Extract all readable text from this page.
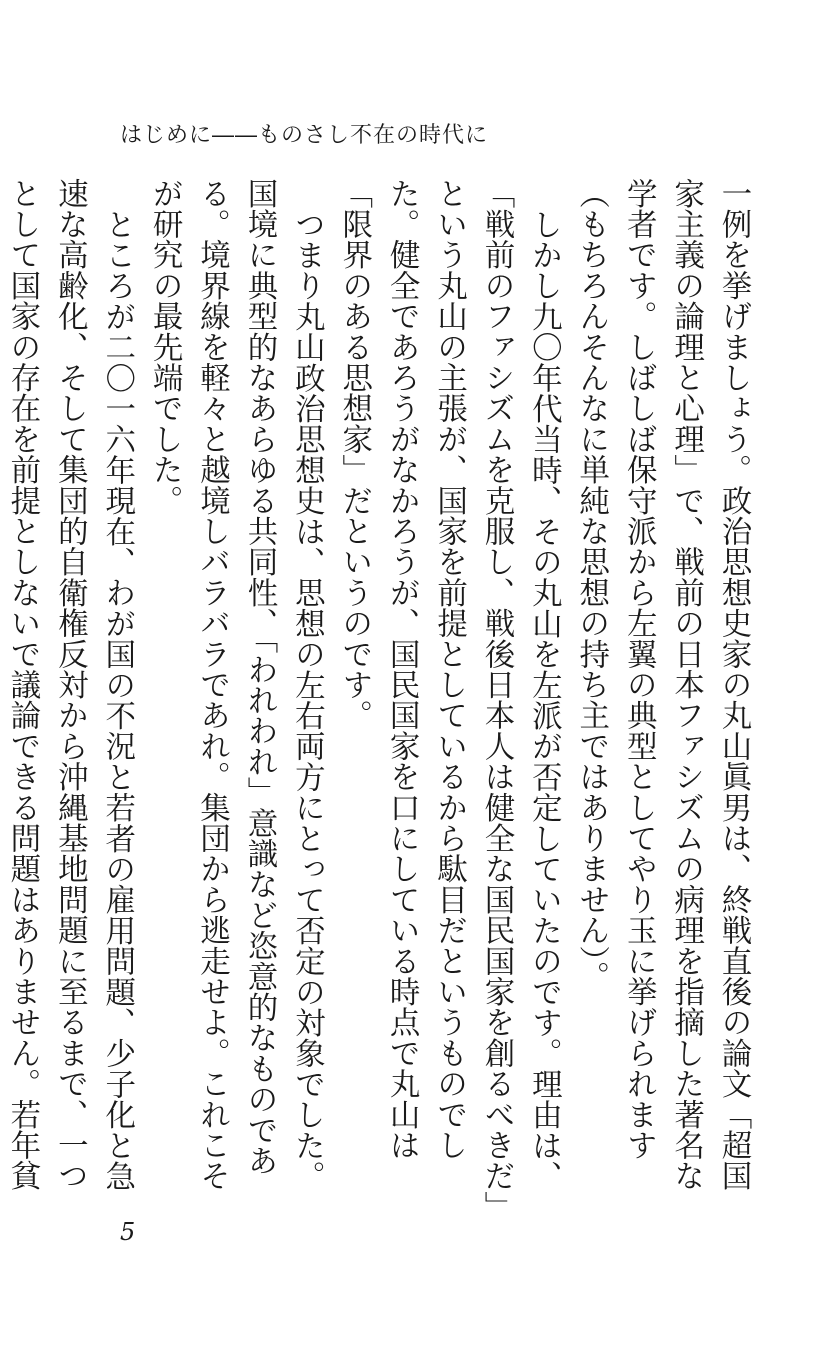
はじめに――ものさし不在の時代に

一例を挙げましょう。政治思想史家の丸山眞男は、終戦直後の論文「超国家主義の論理と心理」で、戦前の日本ファシズムの病理を指摘した著名な学者です。しばしば保守派から左翼の典型としてやり玉に挙げられます（もちろんそんなに単純な思想の持ち主ではありません）。

しかし九〇年代当時、その丸山を左派が否定していたのです。理由は、「戦前のファシズムを克服し、戦後日本人は健全な国民国家を創るべきだ」という丸山の主張が、国家を前提としているから駄目だというものでした。健全であろうがなかろうが、国民国家を口にしている時点で丸山は「限界のある思想家」だというのです。

つまり丸山政治思想史は、思想の左右両方にとって否定の対象でした。国境に典型的なあらゆる共同性、「われわれ」意識など恣意的なものである。境界線を軽々と越境しバラバラであれ。集団から逃走せよ。これこそが研究の最先端でした。

ところが二〇一六年現在、わが国の不況と若者の雇用問題、少子化と急速な高齢化、そして集団的自衛権反対から沖縄基地問題に至るまで、一つとして国家の存在を前提としないで議論できる問題はありません。若年貧

5
